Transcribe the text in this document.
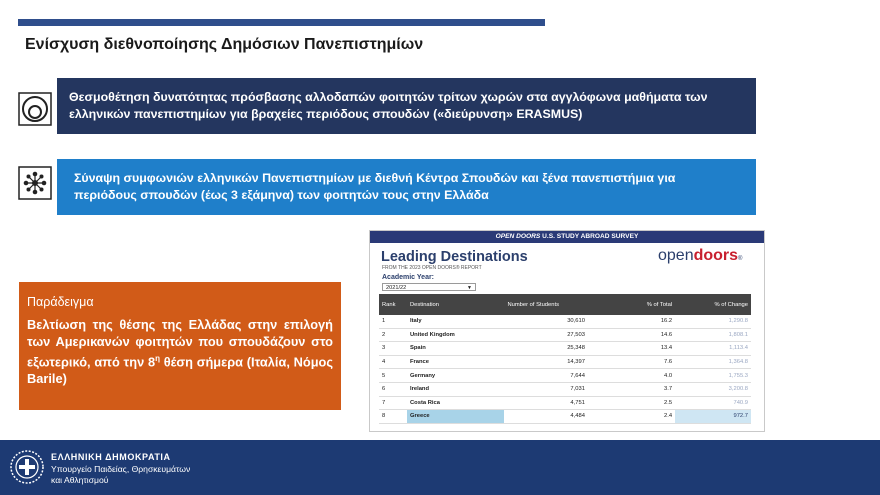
Ενίσχυση διεθνοποίησης Δημόσιων Πανεπιστημίων
Θεσμοθέτηση δυνατότητας πρόσβασης αλλοδαπών φοιτητών τρίτων χωρών στα αγγλόφωνα μαθήματα των ελληνικών πανεπιστημίων για βραχείες περιόδους σπουδών («διεύρυνση» ERASMUS)
Σύναψη συμφωνιών ελληνικών Πανεπιστημίων με διεθνή Κέντρα Σπουδών και ξένα πανεπιστήμια για περιόδους σπουδών (έως 3 εξάμηνα) των φοιτητών τους στην Ελλάδα
Παράδειγμα
Βελτίωση της θέσης της Ελλάδας στην επιλογή των Αμερικανών φοιτητών που σπουδάζουν στο εξωτερικό, από την $8^\eta$ θέση σήμερα (Ιταλία, Νόμος Barile)
OPEN DOORS U.S. STUDY ABROAD SURVEY
Leading Destinations
FROM THE 2023 OPEN DOORS® REPORT
opendoors®
Academic Year:
2021/22	▼
Rank	Destination	Number of Students	% of Total	% of Change
1	Italy	30,610	16.2	1,290.8
2	United Kingdom	27,503	14.6	1,808.1
3	Spain	25,348	13.4	1,113.4
4	France	14,397	7.6	1,364.8
5	Germany	7,644	4.0	1,755.3
6	Ireland	7,031	3.7	3,200.8
7	Costa Rica	4,751	2.5	740.9
8	Greece	4,484	2.4	972.7
ΕΛΛΗΝΙΚΗ ΔΗΜΟΚΡΑΤΙΑ
Υπουργείο Παιδείας, Θρησκευμάτων και Αθλητισμού
